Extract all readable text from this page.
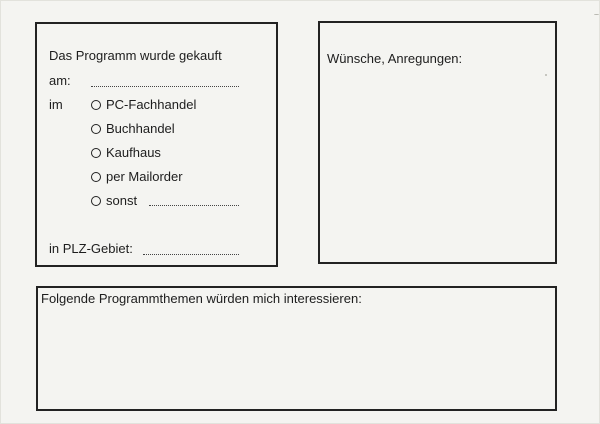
Das Programm wurde gekauft
am:
im	PC-Fachhandel
Buchhandel
Kaufhaus
per Mailorder
sonst
in PLZ-Gebiet:
Wünsche, Anregungen:
Folgende Programmthemen würden mich interessieren:
